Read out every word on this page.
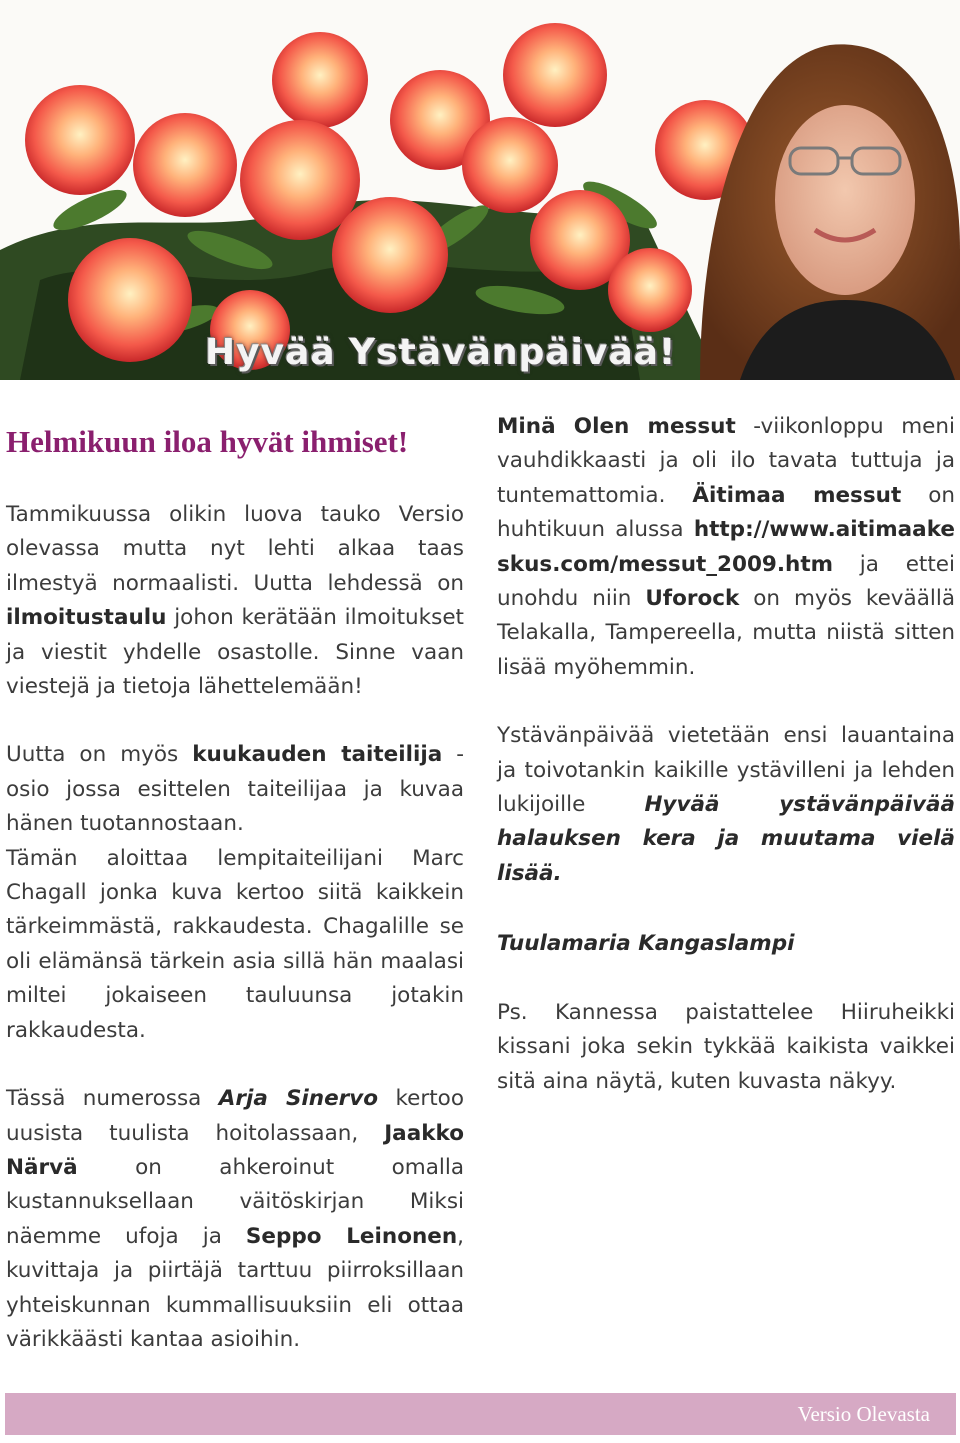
Hyvää Ystävänpäivää!
Helmikuun iloa hyvät ihmiset!

Tammikuussa olikin luova tauko Versio olevassa mutta nyt lehti alkaa taas ilmestyä normaalisti. Uutta lehdessä on ilmoitustaulu johon kerätään ilmoitukset ja viestit yhdelle osastolle. Sinne vaan viestejä ja tietoja lähettelemään!

Uutta on myös kuukauden taiteilija -osio jossa esittelen taiteilijaa ja kuvaa hänen tuotannostaan.

Tämän aloittaa lempitaiteilijani Marc Chagall jonka kuva kertoo siitä kaikkein tärkeimmästä, rakkaudesta. Chagalille se oli elämänsä tärkein asia sillä hän maalasi miltei jokaiseen tauluunsa jotakin rakkaudesta.

Tässä numerossa Arja Sinervo kertoo uusista tuulista hoitolassaan, Jaakko Närvä on ahkeroinut omalla kustannuksellaan väitöskirjan Miksi näemme ufoja ja Seppo Leinonen, kuvittaja ja piirtäjä tarttuu piirroksillaan yhteiskunnan kummallisuuksiin eli ottaa värikkäästi kantaa asioihin.

Minä Olen messut -viikonloppu meni vauhdikkaasti ja oli ilo tavata tuttuja ja tuntemattomia. Äitimaa messut on huhtikuun alussa http://www.aitimaakeskus.com/messut_2009.htm ja ettei unohdu niin Uforock on myös keväällä Telakalla, Tampereella, mutta niistä sitten lisää myöhemmin.

Ystävänpäivää vietetään ensi lauantaina ja toivotankin kaikille ystävilleni ja lehden lukijoille Hyvää ystävänpäivää halauksen kera ja muutama vielä lisää.

Tuulamaria Kangaslampi

Ps. Kannessa paistattelee Hiiruheikki kissani joka sekin tykkää kaikista vaikkei sitä aina näytä, kuten kuvasta näkyy.

Versio Olevasta
